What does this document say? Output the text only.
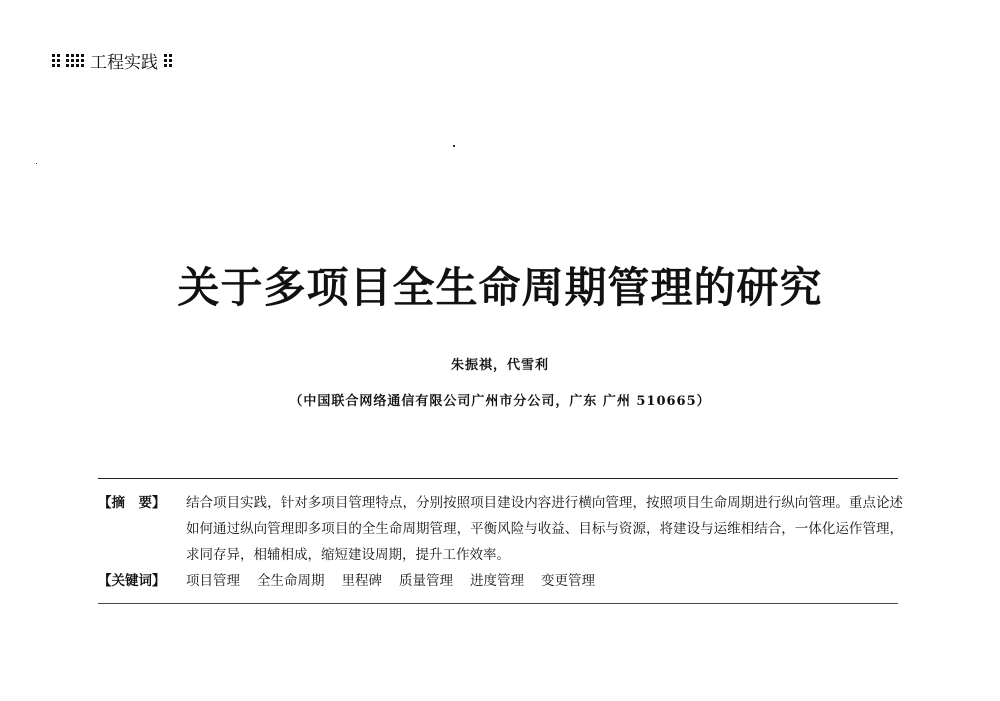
工程实践
关于多项目全生命周期管理的研究
朱振祺，代雪利
（中国联合网络通信有限公司广州市分公司，广东 广州 510665）
【摘　要】	结合项目实践，针对多项目管理特点，分别按照项目建设内容进行横向管理，按照项目生命周期进行纵向管理。重点论述如何通过纵向管理即多项目的全生命周期管理，平衡风险与收益、目标与资源，将建设与运维相结合，一体化运作管理，求同存异，相辅相成，缩短建设周期，提升工作效率。
【关键词】	项目管理 全生命周期 里程碑 质量管理 进度管理 变更管理
